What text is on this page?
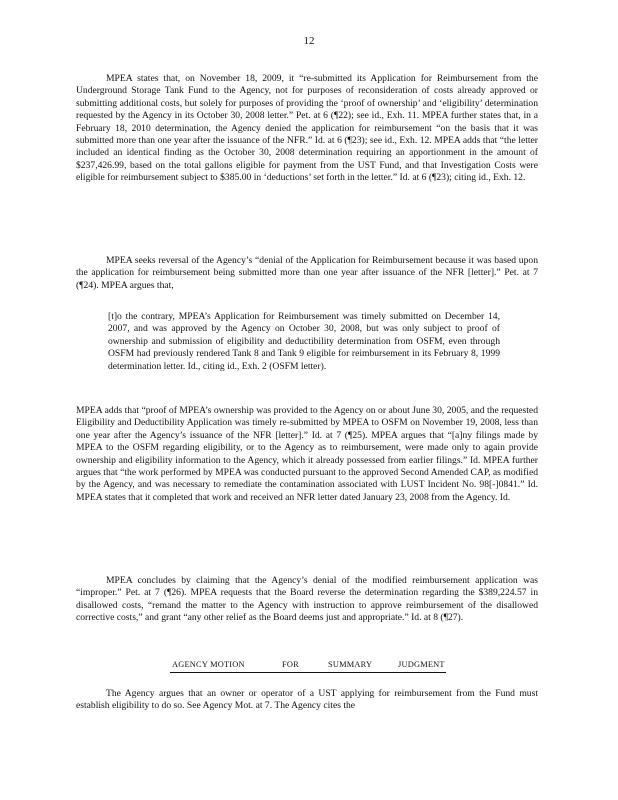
12
MPEA states that, on November 18, 2009, it “re-submitted its Application for Reimbursement from the Underground Storage Tank Fund to the Agency, not for purposes of reconsideration of costs already approved or submitting additional costs, but solely for purposes of providing the ‘proof of ownership’ and ‘eligibility’ determination requested by the Agency in its October 30, 2008 letter.” Pet. at 6 (¶22); see id., Exh. 11. MPEA further states that, in a February 18, 2010 determination, the Agency denied the application for reimbursement “on the basis that it was submitted more than one year after the issuance of the NFR.” Id. at 6 (¶23); see id., Exh. 12. MPEA adds that “the letter included an identical finding as the October 30, 2008 determination requiring an apportionment in the amount of $237,426.99, based on the total gallons eligible for payment from the UST Fund, and that Investigation Costs were eligible for reimbursement subject to $385.00 in ‘deductions’ set forth in the letter.” Id. at 6 (¶23); citing id., Exh. 12.
MPEA seeks reversal of the Agency’s “denial of the Application for Reimbursement because it was based upon the application for reimbursement being submitted more than one year after issuance of the NFR [letter].” Pet. at 7 (¶24). MPEA argues that,
[t]o the contrary, MPEA’s Application for Reimbursement was timely submitted on December 14, 2007, and was approved by the Agency on October 30, 2008, but was only subject to proof of ownership and submission of eligibility and deductibility determination from OSFM, even through OSFM had previously rendered Tank 8 and Tank 9 eligible for reimbursement in its February 8, 1999 determination letter. Id., citing id., Exh. 2 (OSFM letter).
MPEA adds that “proof of MPEA’s ownership was provided to the Agency on or about June 30, 2005, and the requested Eligibility and Deductibility Application was timely re-submitted by MPEA to OSFM on November 19, 2008, less than one year after the Agency’s issuance of the NFR [letter].” Id. at 7 (¶25). MPEA argues that “[a]ny filings made by MPEA to the OSFM regarding eligibility, or to the Agency as to reimbursement, were made only to again provide ownership and eligibility information to the Agency, which it already possessed from earlier filings.” Id. MPEA further argues that “the work performed by MPEA was conducted pursuant to the approved Second Amended CAP, as modified by the Agency, and was necessary to remediate the contamination associated with LUST Incident No. 98[-]0841.” Id. MPEA states that it completed that work and received an NFR letter dated January 23, 2008 from the Agency. Id.
MPEA concludes by claiming that the Agency’s denial of the modified reimbursement application was “improper.” Pet. at 7 (¶26). MPEA requests that the Board reverse the determination regarding the $389,224.57 in disallowed costs, “remand the matter to the Agency with instruction to approve reimbursement of the disallowed corrective costs,” and grant “any other relief as the Board deems just and appropriate.” Id. at 8 (¶27).
AGENCY MOTION	FOR	SUMMARY	JUDGMENT
The Agency argues that an owner or operator of a UST applying for reimbursement from the Fund must establish eligibility to do so. See Agency Mot. at 7. The Agency cites the
